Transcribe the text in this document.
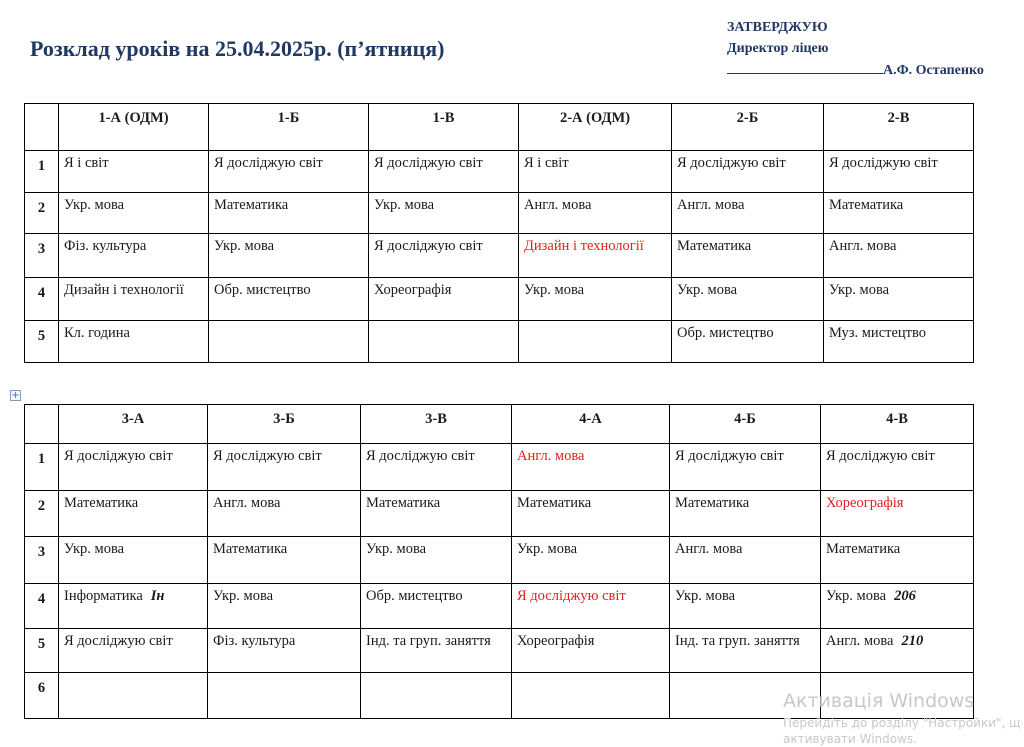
Розклад уроків на 25.04.2025р. (п’ятниця)
ЗАТВЕРДЖУЮ
Директор ліцею
А.Ф. Остапенко
	1-А (ОДМ)	1-Б	1-В	2-А (ОДМ)	2-Б	2-В
1	Я і світ	Я досліджую світ	Я досліджую світ	Я і світ	Я досліджую світ	Я досліджую світ
2	Укр. мова	Математика	Укр. мова	Англ. мова	Англ. мова	Математика
3	Фіз. культура	Укр. мова	Я досліджую світ	Дизайн і технології	Математика	Англ. мова
4	Дизайн і технології	Обр. мистецтво	Хореографія	Укр. мова	Укр. мова	Укр. мова
5	Кл. година				Обр. мистецтво	Муз. мистецтво
+
	3-А	3-Б	3-В	4-А	4-Б	4-В
1	Я досліджую світ	Я досліджую світ	Я досліджую світ	Англ. мова	Я досліджую світ	Я досліджую світ
2	Математика	Англ. мова	Математика	Математика	Математика	Хореографія
3	Укр. мова	Математика	Укр. мова	Укр. мова	Англ. мова	Математика
4	Інформатика Ін	Укр. мова	Обр. мистецтво	Я досліджую світ	Укр. мова	Укр. мова 206
5	Я досліджую світ	Фіз. культура	Інд. та груп. заняття	Хореографія	Інд. та груп. заняття	Англ. мова 210
6						
Активація Windows
Перейдіть до розділу "Настройки", щ
активувати Windows.
